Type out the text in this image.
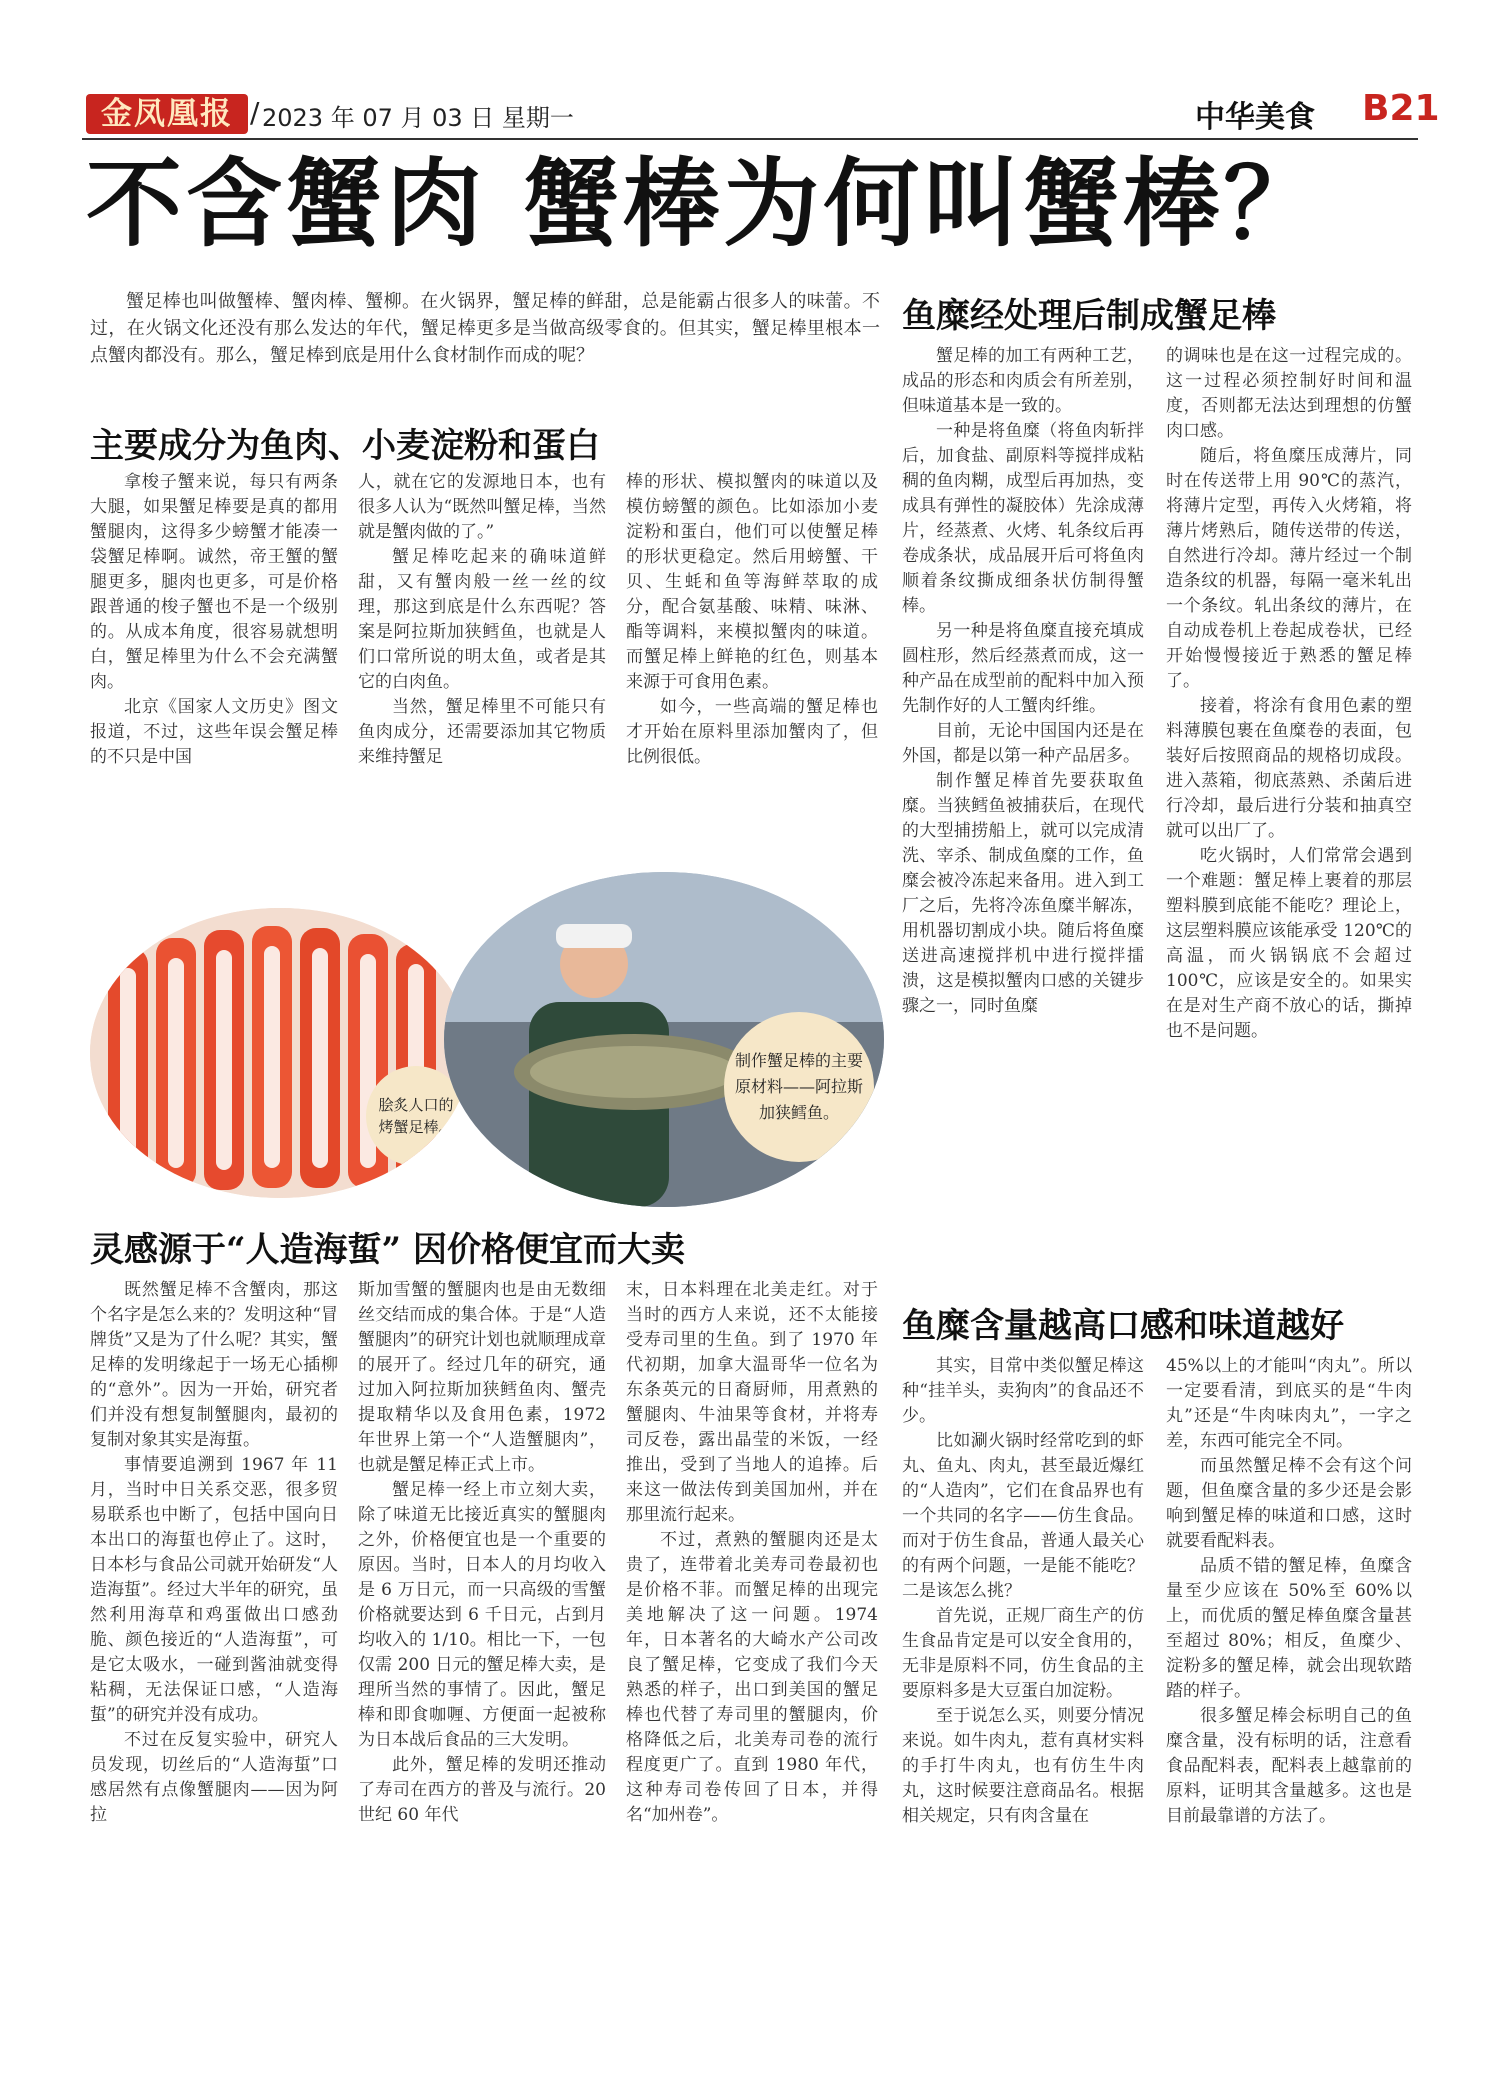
金凤凰报 / 2023 年 07 月 03 日 星期一	中华美食 B21
不含蟹肉 蟹棒为何叫蟹棒？

蟹足棒也叫做蟹棒、蟹肉棒、蟹柳。在火锅界，蟹足棒的鲜甜，总是能霸占很多人的味蕾。不过，在火锅文化还没有那么发达的年代，蟹足棒更多是当做高级零食的。但其实，蟹足棒里根本一点蟹肉都没有。那么，蟹足棒到底是用什么食材制作而成的呢？

主要成分为鱼肉、小麦淀粉和蛋白

拿梭子蟹来说，每只有两条大腿，如果蟹足棒要是真的都用蟹腿肉，这得多少螃蟹才能凑一袋蟹足棒啊。诚然，帝王蟹的蟹腿更多，腿肉也更多，可是价格跟普通的梭子蟹也不是一个级别的。从成本角度，很容易就想明白，蟹足棒里为什么不会充满蟹肉。

北京《国家人文历史》图文报道，不过，这些年误会蟹足棒的不只是中国

人，就在它的发源地日本，也有很多人认为“既然叫蟹足棒，当然就是蟹肉做的了。”

蟹足棒吃起来的确味道鲜甜，又有蟹肉般一丝一丝的纹理，那这到底是什么东西呢？答案是阿拉斯加狭鳕鱼，也就是人们口常所说的明太鱼，或者是其它的白肉鱼。

当然，蟹足棒里不可能只有鱼肉成分，还需要添加其它物质来维持蟹足

棒的形状、模拟蟹肉的味道以及模仿螃蟹的颜色。比如添加小麦淀粉和蛋白，他们可以使蟹足棒的形状更稳定。然后用螃蟹、干贝、生蚝和鱼等海鲜萃取的成分，配合氨基酸、味精、味淋、酯等调料，来模拟蟹肉的味道。而蟹足棒上鲜艳的红色，则基本来源于可食用色素。

如今，一些高端的蟹足棒也才开始在原料里添加蟹肉了，但比例很低。

脍炙人口的烤蟹足棒。
制作蟹足棒的主要原材料——阿拉斯加狭鳕鱼。
灵感源于“人造海蜇” 因价格便宜而大卖

既然蟹足棒不含蟹肉，那这个名字是怎么来的？发明这种“冒牌货”又是为了什么呢？其实，蟹足棒的发明缘起于一场无心插柳的“意外”。因为一开始，研究者们并没有想复制蟹腿肉，最初的复制对象其实是海蜇。

事情要追溯到 1967 年 11 月，当时中日关系交恶，很多贸易联系也中断了，包括中国向日本出口的海蜇也停止了。这时，日本杉与食品公司就开始研发“人造海蜇”。经过大半年的研究，虽然利用海草和鸡蛋做出口感劲脆、颜色接近的“人造海蜇”，可是它太吸水，一碰到酱油就变得粘稠，无法保证口感，“人造海蜇”的研究并没有成功。

不过在反复实验中，研究人员发现，切丝后的“人造海蜇”口感居然有点像蟹腿肉——因为阿拉

斯加雪蟹的蟹腿肉也是由无数细丝交结而成的集合体。于是“人造蟹腿肉”的研究计划也就顺理成章的展开了。经过几年的研究，通过加入阿拉斯加狭鳕鱼肉、蟹壳提取精华以及食用色素，1972 年世界上第一个“人造蟹腿肉”，也就是蟹足棒正式上市。

蟹足棒一经上市立刻大卖，除了味道无比接近真实的蟹腿肉之外，价格便宜也是一个重要的原因。当时，日本人的月均收入是 6 万日元，而一只高级的雪蟹价格就要达到 6 千日元，占到月均收入的 1/10。相比一下，一包仅需 200 日元的蟹足棒大卖，是理所当然的事情了。因此，蟹足棒和即食咖喱、方便面一起被称为日本战后食品的三大发明。

此外，蟹足棒的发明还推动了寿司在西方的普及与流行。20 世纪 60 年代

末，日本料理在北美走红。对于当时的西方人来说，还不太能接受寿司里的生鱼。到了 1970 年代初期，加拿大温哥华一位名为东条英元的日裔厨师，用煮熟的蟹腿肉、牛油果等食材，并将寿司反卷，露出晶莹的米饭，一经推出，受到了当地人的追捧。后来这一做法传到美国加州，并在那里流行起来。

不过，煮熟的蟹腿肉还是太贵了，连带着北美寿司卷最初也是价格不菲。而蟹足棒的出现完美地解决了这一问题。1974 年，日本著名的大崎水产公司改良了蟹足棒，它变成了我们今天熟悉的样子，出口到美国的蟹足棒也代替了寿司里的蟹腿肉，价格降低之后，北美寿司卷的流行程度更广了。直到 1980 年代，这种寿司卷传回了日本，并得名“加州卷”。

鱼糜经处理后制成蟹足棒

蟹足棒的加工有两种工艺，成品的形态和肉质会有所差别，但味道基本是一致的。

一种是将鱼糜（将鱼肉斩拌后，加食盐、副原料等搅拌成粘稠的鱼肉糊，成型后再加热，变成具有弹性的凝胶体）先涂成薄片，经蒸煮、火烤、轧条纹后再卷成条状，成品展开后可将鱼肉顺着条纹撕成细条状仿制得蟹棒。

另一种是将鱼糜直接充填成圆柱形，然后经蒸煮而成，这一种产品在成型前的配料中加入预先制作好的人工蟹肉纤维。

目前，无论中国国内还是在外国，都是以第一种产品居多。

制作蟹足棒首先要获取鱼糜。当狭鳕鱼被捕获后，在现代的大型捕捞船上，就可以完成清洗、宰杀、制成鱼糜的工作，鱼糜会被冷冻起来备用。进入到工厂之后，先将冷冻鱼糜半解冻，用机器切割成小块。随后将鱼糜送进高速搅拌机中进行搅拌擂溃，这是模拟蟹肉口感的关键步骤之一，同时鱼糜

的调味也是在这一过程完成的。这一过程必须控制好时间和温度，否则都无法达到理想的仿蟹肉口感。

随后，将鱼糜压成薄片，同时在传送带上用 90℃的蒸汽，将薄片定型，再传入火烤箱，将薄片烤熟后，随传送带的传送，自然进行冷却。薄片经过一个制造条纹的机器，每隔一毫米轧出一个条纹。轧出条纹的薄片，在自动成卷机上卷起成卷状，已经开始慢慢接近于熟悉的蟹足棒了。

接着，将涂有食用色素的塑料薄膜包裹在鱼糜卷的表面，包装好后按照商品的规格切成段。进入蒸箱，彻底蒸熟、杀菌后进行冷却，最后进行分装和抽真空就可以出厂了。

吃火锅时，人们常常会遇到一个难题：蟹足棒上裹着的那层塑料膜到底能不能吃？理论上，这层塑料膜应该能承受 120℃的高温，而火锅锅底不会超过 100℃，应该是安全的。如果实在是对生产商不放心的话，撕掉也不是问题。

鱼糜含量越高口感和味道越好

其实，目常中类似蟹足棒这种“挂羊头，卖狗肉”的食品还不少。

比如涮火锅时经常吃到的虾丸、鱼丸、肉丸，甚至最近爆红的“人造肉”，它们在食品界也有一个共同的名字——仿生食品。而对于仿生食品，普通人最关心的有两个问题，一是能不能吃？二是该怎么挑？

首先说，正规厂商生产的仿生食品肯定是可以安全食用的，无非是原料不同，仿生食品的主要原料多是大豆蛋白加淀粉。

至于说怎么买，则要分情况来说。如牛肉丸，惹有真材实料的手打牛肉丸，也有仿生牛肉丸，这时候要注意商品名。根据相关规定，只有肉含量在

45%以上的才能叫“肉丸”。所以一定要看清，到底买的是“牛肉丸”还是“牛肉味肉丸”，一字之差，东西可能完全不同。

而虽然蟹足棒不会有这个问题，但鱼糜含量的多少还是会影响到蟹足棒的味道和口感，这时就要看配料表。

品质不错的蟹足棒，鱼糜含量至少应该在 50%至 60%以上，而优质的蟹足棒鱼糜含量甚至超过 80%；相反，鱼糜少、淀粉多的蟹足棒，就会出现软踏踏的样子。

很多蟹足棒会标明自己的鱼糜含量，没有标明的话，注意看食品配料表，配料表上越靠前的原料，证明其含量越多。这也是目前最靠谱的方法了。
